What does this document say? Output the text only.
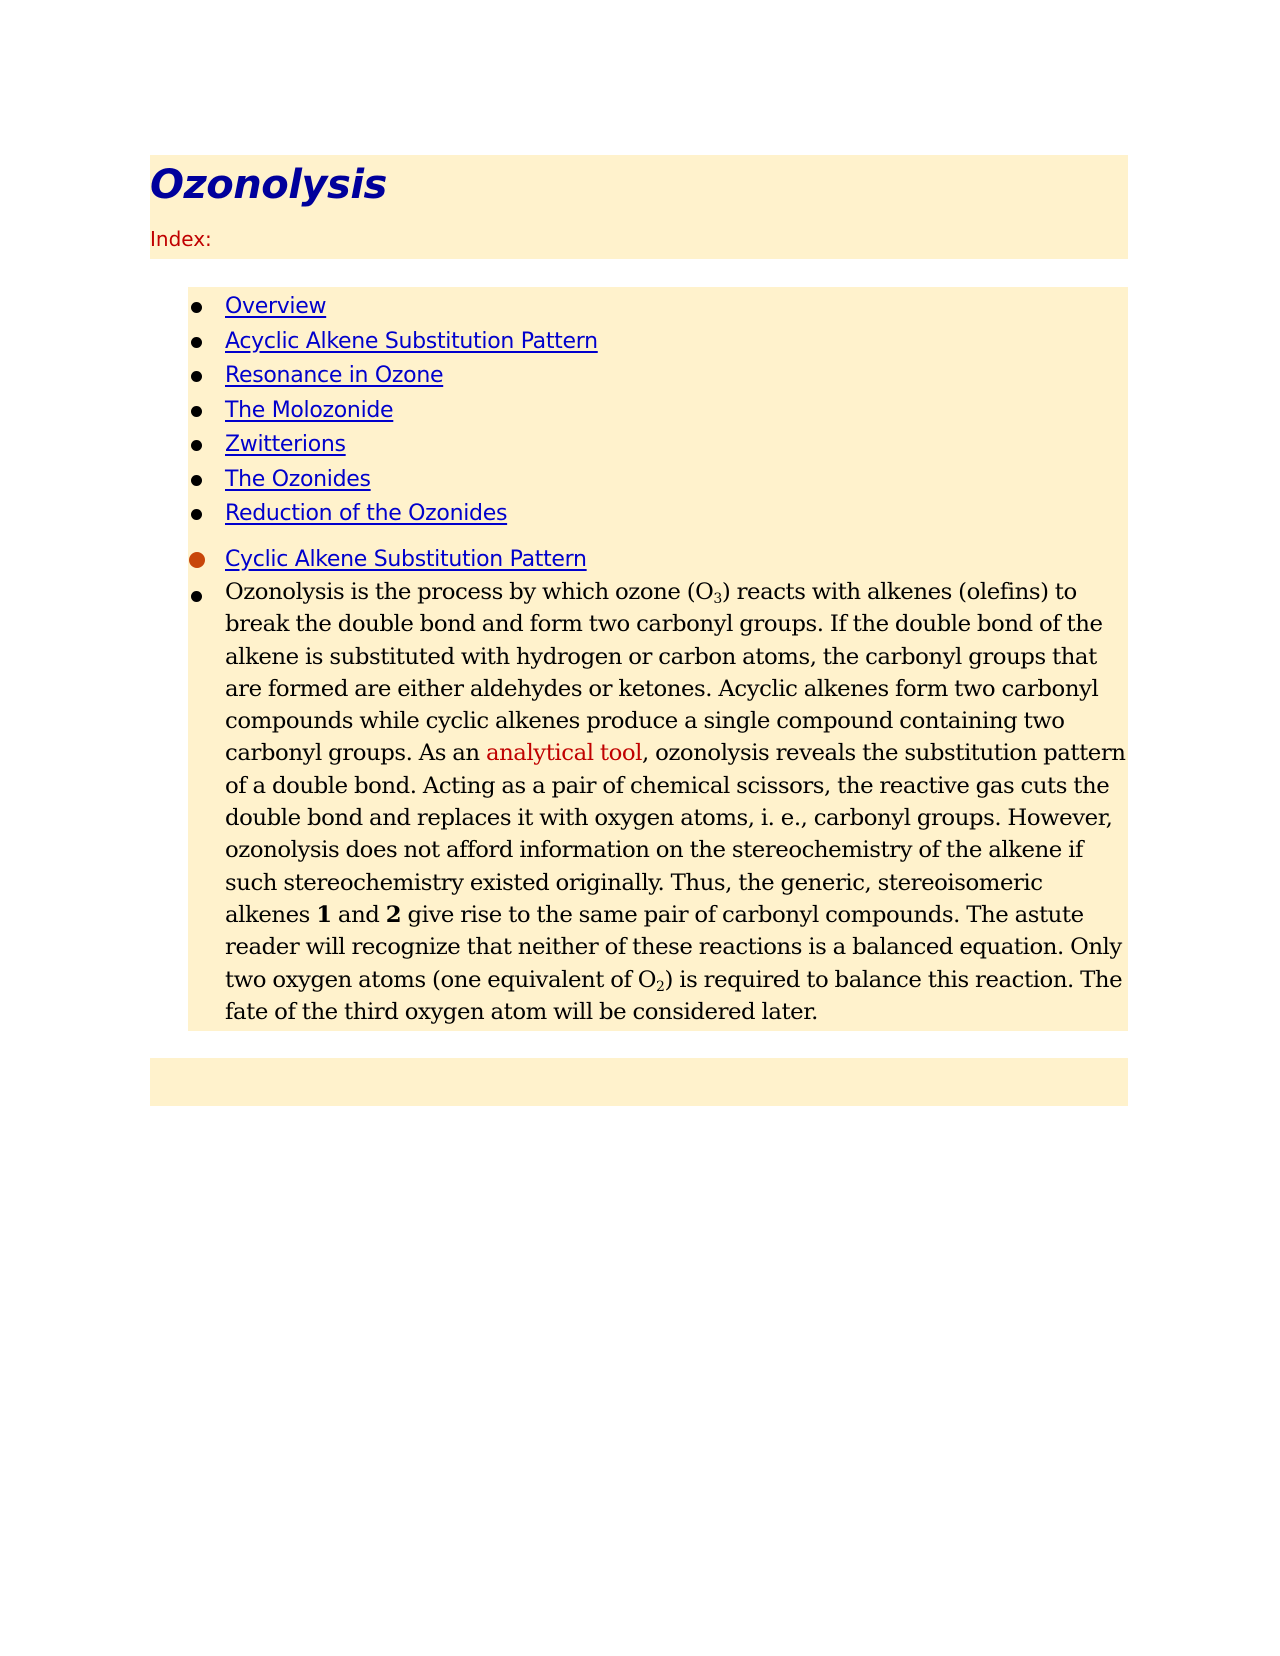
Ozonolysis
Index:
Overview
Acyclic Alkene Substitution Pattern
Resonance in Ozone
The Molozonide
Zwitterions
The Ozonides
Reduction of the Ozonides
Cyclic Alkene Substitution Pattern

Ozonolysis is the process by which ozone $(O_3)$ reacts with alkenes (olefins) to break the double bond and form two carbonyl groups. If the double bond of the alkene is substituted with hydrogen or carbon atoms, the carbonyl groups that are formed are either aldehydes or ketones. Acyclic alkenes form two carbonyl compounds while cyclic alkenes produce a single compound containing two carbonyl groups. As an analytical tool, ozonolysis reveals the substitution pattern of a double bond. Acting as a pair of chemical scissors, the reactive gas cuts the double bond and replaces it with oxygen atoms, i. e., carbonyl groups. However, ozonolysis does not afford information on the stereochemistry of the alkene if such stereochemistry existed originally. Thus, the generic, stereoisomeric alkenes 1 and 2 give rise to the same pair of carbonyl compounds. The astute reader will recognize that neither of these reactions is a balanced equation. Only two oxygen atoms (one equivalent of $O_2$) is required to balance this reaction. The fate of the third oxygen atom will be considered later.
